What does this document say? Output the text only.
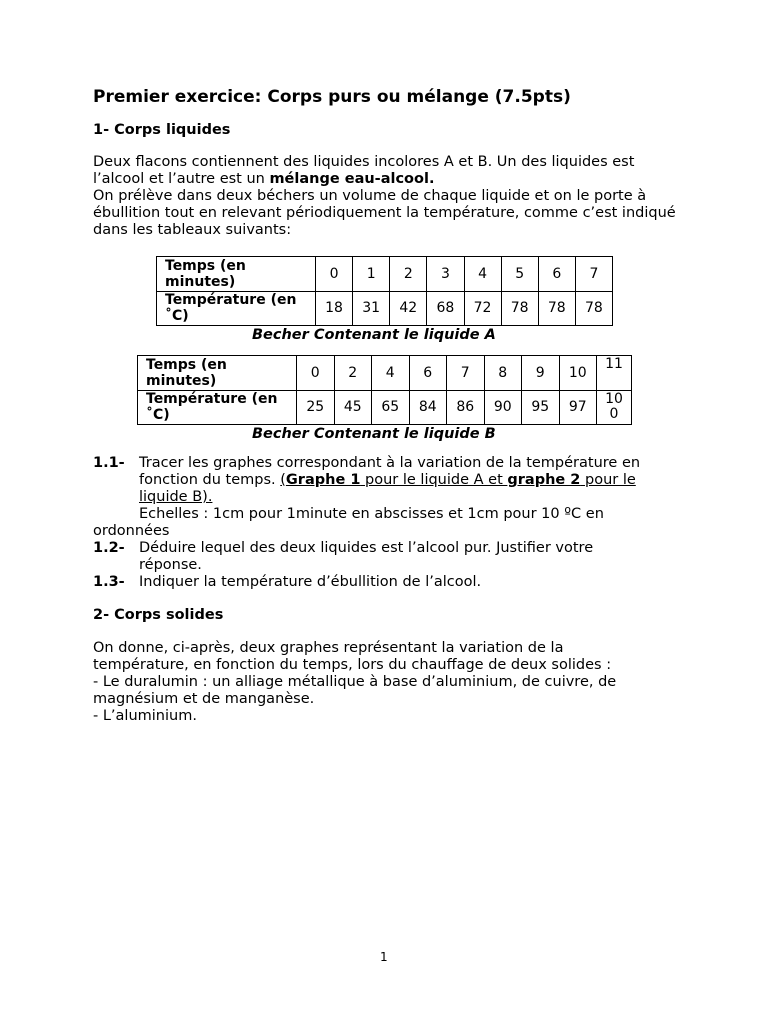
Premier exercice: Corps purs ou mélange (7.5pts)
1- Corps liquides
Deux flacons contiennent des liquides incolores A et B. Un des liquides est
l’alcool et l’autre est un mélange eau-alcool.
On prélève dans deux béchers un volume de chaque liquide et on le porte à ébullition tout en relevant périodiquement la température, comme c’est indiqué dans les tableaux suivants:
Temps (en minutes)	0	1	2	3	4	5	6	7
Température (en ˚C)	18	31	42	68	72	78	78	78
Becher Contenant le liquide A
Temps (en minutes)	0	2	4	6	7	8	9	10	11
Température (en ˚C)	25	45	65	84	86	90	95	97	100
Becher Contenant le liquide B
1.1- Tracer les graphes correspondant à la variation de la température en fonction du temps. (Graphe 1 pour le liquide A et graphe 2 pour le liquide B).
Echelles : 1cm pour 1minute en abscisses et 1cm pour 10 ºC en
ordonnées
1.2- Déduire lequel des deux liquides est l’alcool pur. Justifier votre réponse.
1.3- Indiquer la température d’ébullition de l’alcool.
2- Corps solides
On donne, ci-après, deux graphes représentant la variation de la température, en fonction du temps, lors du chauffage de deux solides :
- Le duralumin : un alliage métallique à base d’aluminium, de cuivre, de magnésium et de manganèse.
- L’aluminium.
1
